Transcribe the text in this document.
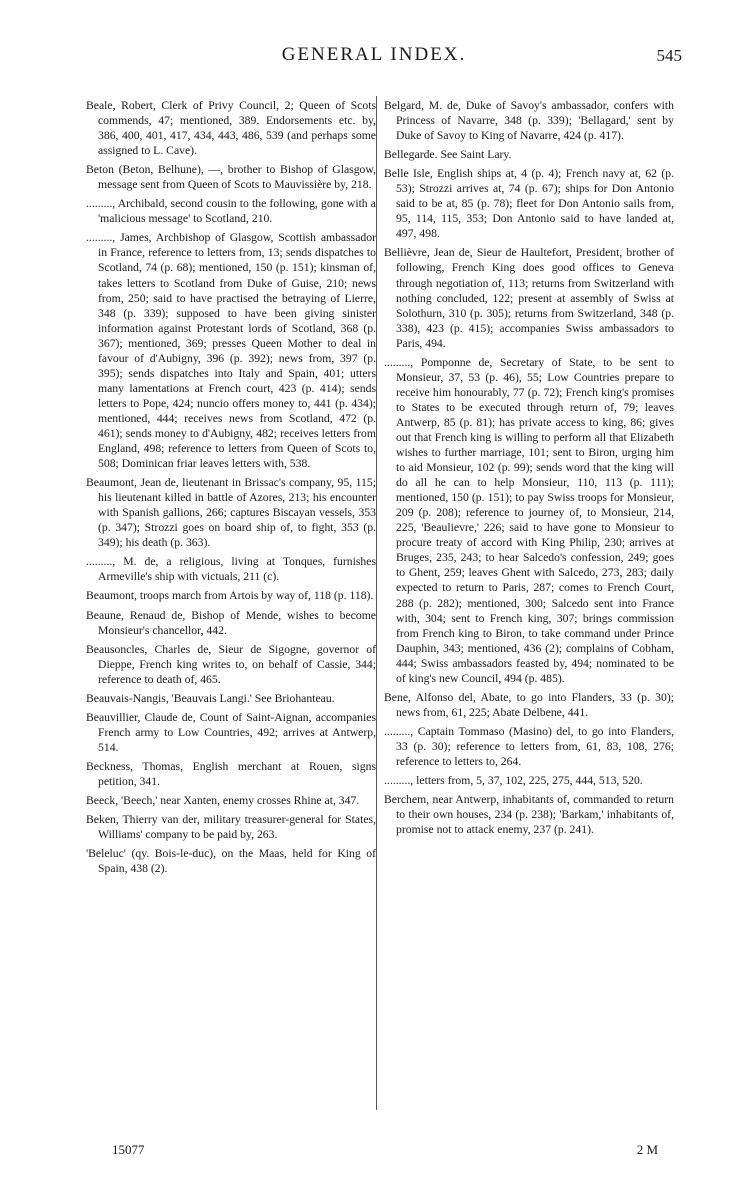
GENERAL INDEX.	545

Beale, Robert, Clerk of Privy Council, 2; Queen of Scots commends, 47; mentioned, 389. Endorsements etc. by, 386, 400, 401, 417, 434, 443, 486, 539 (and perhaps some assigned to L. Cave).

Beton (Beton, Belhune), —, brother to Bishop of Glasgow, message sent from Queen of Scots to Mauvissière by, 218.

........., Archibald, second cousin to the following, gone with a 'malicious message' to Scotland, 210.

........., James, Archbishop of Glasgow, Scottish ambassador in France, reference to letters from, 13; sends dispatches to Scotland, 74 (p. 68); mentioned, 150 (p. 151); kinsman of, takes letters to Scotland from Duke of Guise, 210; news from, 250; said to have practised the betraying of Lierre, 348 (p. 339); supposed to have been giving sinister information against Protestant lords of Scotland, 368 (p. 367); mentioned, 369; presses Queen Mother to deal in favour of d'Aubigny, 396 (p. 392); news from, 397 (p. 395); sends dispatches into Italy and Spain, 401; utters many lamentations at French court, 423 (p. 414); sends letters to Pope, 424; nuncio offers money to, 441 (p. 434); mentioned, 444; receives news from Scotland, 472 (p. 461); sends money to d'Aubigny, 482; receives letters from England, 498; reference to letters from Queen of Scots to, 508; Dominican friar leaves letters with, 538.

Beaumont, Jean de, lieutenant in Brissac's company, 95, 115; his lieutenant killed in battle of Azores, 213; his encounter with Spanish gallions, 266; captures Biscayan vessels, 353 (p. 347); Strozzi goes on board ship of, to fight, 353 (p. 349); his death (p. 363).

........., M. de, a religious, living at Tonques, furnishes Armeville's ship with victuals, 211 (c).

Beaumont, troops march from Artois by way of, 118 (p. 118).

Beaune, Renaud de, Bishop of Mende, wishes to become Monsieur's chancellor, 442.

Beausoncles, Charles de, Sieur de Sigogne, governor of Dieppe, French king writes to, on behalf of Cassie, 344; reference to death of, 465.

Beauvais-Nangis, 'Beauvais Langi.' See Briohanteau.

Beauvillier, Claude de, Count of Saint-Aignan, accompanies French army to Low Countries, 492; arrives at Antwerp, 514.

Beckness, Thomas, English merchant at Rouen, signs petition, 341.

Beeck, 'Beech,' near Xanten, enemy crosses Rhine at, 347.

Beken, Thierry van der, military treasurer-general for States, Williams' company to be paid by, 263.

'Beleluc' (qy. Bois-le-duc), on the Maas, held for King of Spain, 438 (2).

Belgard, M. de, Duke of Savoy's ambassador, confers with Princess of Navarre, 348 (p. 339); 'Bellagard,' sent by Duke of Savoy to King of Navarre, 424 (p. 417).

Bellegarde. See Saint Lary.

Belle Isle, English ships at, 4 (p. 4); French navy at, 62 (p. 53); Strozzi arrives at, 74 (p. 67); ships for Don Antonio said to be at, 85 (p. 78); fleet for Don Antonio sails from, 95, 114, 115, 353; Don Antonio said to have landed at, 497, 498.

Bellièvre, Jean de, Sieur de Haultefort, President, brother of following, French King does good offices to Geneva through negotiation of, 113; returns from Switzerland with nothing concluded, 122; present at assembly of Swiss at Solothurn, 310 (p. 305); returns from Switzerland, 348 (p. 338), 423 (p. 415); accompanies Swiss ambassadors to Paris, 494.

........., Pomponne de, Secretary of State, to be sent to Monsieur, 37, 53 (p. 46), 55; Low Countries prepare to receive him honourably, 77 (p. 72); French king's promises to States to be executed through return of, 79; leaves Antwerp, 85 (p. 81); has private access to king, 86; gives out that French king is willing to perform all that Elizabeth wishes to further marriage, 101; sent to Biron, urging him to aid Monsieur, 102 (p. 99); sends word that the king will do all he can to help Monsieur, 110, 113 (p. 111); mentioned, 150 (p. 151); to pay Swiss troops for Monsieur, 209 (p. 208); reference to journey of, to Monsieur, 214, 225, 'Beaulievre,' 226; said to have gone to Monsieur to procure treaty of accord with King Philip, 230; arrives at Bruges, 235, 243; to hear Salcedo's confession, 249; goes to Ghent, 259; leaves Ghent with Salcedo, 273, 283; daily expected to return to Paris, 287; comes to French Court, 288 (p. 282); mentioned, 300; Salcedo sent into France with, 304; sent to French king, 307; brings commission from French king to Biron, to take command under Prince Dauphin, 343; mentioned, 436 (2); complains of Cobham, 444; Swiss ambassadors feasted by, 494; nominated to be of king's new Council, 494 (p. 485).

Bene, Alfonso del, Abate, to go into Flanders, 33 (p. 30); news from, 61, 225; Abate Delbene, 441.

........., Captain Tommaso (Masino) del, to go into Flanders, 33 (p. 30); reference to letters from, 61, 83, 108, 276; reference to letters to, 264.

........., letters from, 5, 37, 102, 225, 275, 444, 513, 520.

Berchem, near Antwerp, inhabitants of, commanded to return to their own houses, 234 (p. 238); 'Barkam,' inhabitants of, promise not to attack enemy, 237 (p. 241).

15077	2 M
